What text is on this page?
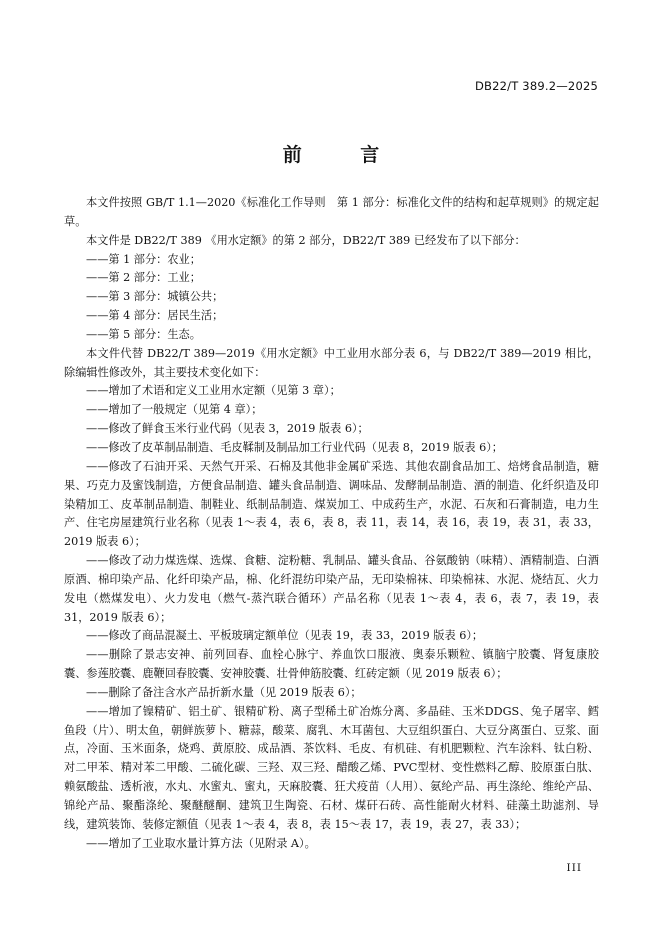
DB22/T 389.2—2025
前 言

本文件按照 GB/T 1.1—2020《标准化工作导则　第 1 部分：标准化文件的结构和起草规则》的规定起草。

本文件是 DB22/T 389 《用水定额》的第 2 部分，DB22/T 389 已经发布了以下部分：

——第 1 部分：农业；

——第 2 部分：工业；

——第 3 部分：城镇公共；

——第 4 部分：居民生活；

——第 5 部分：生态。

本文件代替 DB22/T 389—2019《用水定额》中工业用水部分表 6，与 DB22/T 389—2019 相比，除编辑性修改外，其主要技术变化如下：

——增加了术语和定义工业用水定额（见第 3 章）；

——增加了一般规定（见第 4 章）；

——修改了鲜食玉米行业代码（见表 3，2019 版表 6）；

——修改了皮革制品制造、毛皮鞣制及制品加工行业代码（见表 8，2019 版表 6）；

——修改了石油开采、天然气开采、石棉及其他非金属矿采选、其他农副食品加工、焙烤食品制造，糖果、巧克力及蜜饯制造，方便食品制造、罐头食品制造、调味品、发酵制品制造、酒的制造、化纤织造及印染精加工、皮革制品制造、制鞋业、纸制品制造、煤炭加工、中成药生产，水泥、石灰和石膏制造，电力生产、住宅房屋建筑行业名称（见表 1～表 4，表 6，表 8，表 11，表 14，表 16，表 19，表 31，表 33，2019 版表 6）；

——修改了动力煤选煤、选煤、食糖、淀粉糖、乳制品、罐头食品、谷氨酸钠（味精）、酒精制造、白酒原酒、棉印染产品、化纤印染产品，棉、化纤混纺印染产品，无印染棉袜、印染棉袜、水泥、烧结瓦、火力发电（燃煤发电）、火力发电（燃气-蒸汽联合循环）产品名称（见表 1～表 4，表 6，表 7，表 19，表 31，2019 版表 6）；

——修改了商品混凝土、平板玻璃定额单位（见表 19，表 33，2019 版表 6）；

——删除了景志安神、前列回春、血栓心脉宁、养血饮口服液、奥泰乐颗粒、镇脑宁胶囊、肾复康胶囊、参莲胶囊、鹿鞭回春胶囊、安神胶囊、壮骨伸筋胶囊、红砖定额（见 2019 版表 6）；

——删除了备注含水产品折新水量（见 2019 版表 6）；

——增加了镍精矿、铝土矿、银精矿粉、离子型稀土矿冶炼分离、多晶硅、玉米DDGS、兔子屠宰、鳕鱼段（片）、明太鱼，朝鲜族萝卜、糖蒜，酸菜、腐乳、木耳菌包、大豆组织蛋白、大豆分离蛋白、豆浆、面点，冷面、玉米面条，烧鸡、黄原胶、成品酒、茶饮料、毛皮、有机硅、有机肥颗粒、汽车涂料、钛白粉、对二甲苯、精对苯二甲酸、二硫化碳、三羟、双三羟、醋酸乙烯、PVC型材、变性燃料乙醇、胶原蛋白肽、赖氨酸盐、透析液，水丸、水蜜丸、蜜丸，天麻胶囊、狂犬疫苗（人用）、氨纶产品、再生涤纶、维纶产品、锦纶产品、聚酯涤纶、聚醚醚酮、建筑卫生陶瓷、石材、煤矸石砖、高性能耐火材料、硅藻土助滤剂、导线，建筑装饰、装修定额值（见表 1～表 4，表 8，表 15～表 17，表 19，表 27，表 33）；

——增加了工业取水量计算方法（见附录 A）。

III
